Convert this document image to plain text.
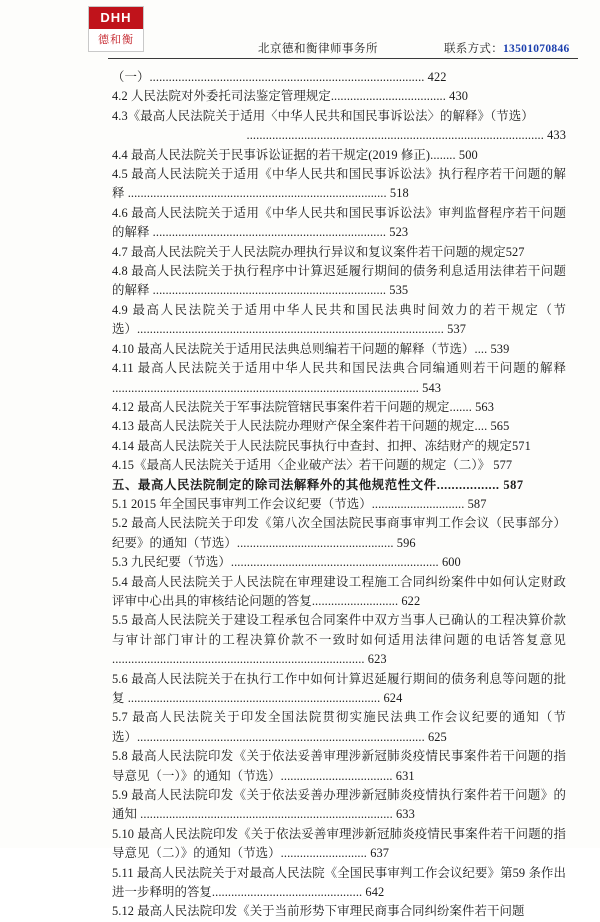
DHH
德和衡
北京德和衡律师事务所	联系方式：13501070846
（一）...................................................................................... 422
4.2 人民法院对外委托司法鉴定管理规定.................................... 430
4.3《最高人民法院关于适用〈中华人民共和国民事诉讼法〉的解释》（节选）
............................................................................................. 433
4.4 最高人民法院关于民事诉讼证据的若干规定(2019 修正)........ 500
4.5 最高人民法院关于适用《中华人民共和国民事诉讼法》执行程序若干问题的解释 ................................................................................. 518
4.6 最高人民法院关于适用《中华人民共和国民事诉讼法》审判监督程序若干问题的解释 ......................................................................... 523
4.7 最高人民法院关于人民法院办理执行异议和复议案件若干问题的规定527
4.8 最高人民法院关于执行程序中计算迟延履行期间的债务利息适用法律若干问题的解释 ......................................................................... 535
4.9 最高人民法院关于适用中华人民共和国民法典时间效力的若干规定（节选）................................................................................................ 537
4.10 最高人民法院关于适用民法典总则编若干问题的解释（节选）.... 539
4.11 最高人民法院关于适用中华人民共和国民法典合同编通则若干问题的解释 ................................................................................................ 543
4.12 最高人民法院关于军事法院管辖民事案件若干问题的规定....... 563
4.13 最高人民法院关于人民法院办理财产保全案件若干问题的规定.... 565
4.14 最高人民法院关于人民法院民事执行中查封、扣押、冻结财产的规定571
4.15《最高人民法院关于适用〈企业破产法〉若干问题的规定（二）》 577
五、最高人民法院制定的除司法解释外的其他规范性文件................. 587
5.1 2015 年全国民事审判工作会议纪要（节选）............................. 587
5.2 最高人民法院关于印发《第八次全国法院民事商事审判工作会议（民事部分）纪要》的通知（节选）................................................. 596
5.3 九民纪要（节选）................................................................. 600
5.4 最高人民法院关于人民法院在审理建设工程施工合同纠纷案件中如何认定财政评审中心出具的审核结论问题的答复........................... 622
5.5 最高人民法院关于建设工程承包合同案件中双方当事人已确认的工程决算价款与审计部门审计的工程决算价款不一致时如何适用法律问题的电话答复意见 ............................................................................... 623
5.6 最高人民法院关于在执行工作中如何计算迟延履行期间的债务利息等问题的批复 ............................................................................... 624
5.7 最高人民法院关于印发全国法院贯彻实施民法典工作会议纪要的通知（节选）.......................................................................................... 625
5.8 最高人民法院印发《关于依法妥善审理涉新冠肺炎疫情民事案件若干问题的指导意见（一）》的通知（节选）................................... 631
5.9 最高人民法院印发《关于依法妥善办理涉新冠肺炎疫情执行案件若干问题》的通知 ............................................................................... 633
5.10 最高人民法院印发《关于依法妥善审理涉新冠肺炎疫情民事案件若干问题的指导意见（二）》的通知（节选）........................... 637
5.11 最高人民法院关于对最高人民法院《全国民事审判工作会议纪要》第59 条作出进一步释明的答复............................................... 642
5.12 最高人民法院印发《关于当前形势下审理民商事合同纠纷案件若干问题
